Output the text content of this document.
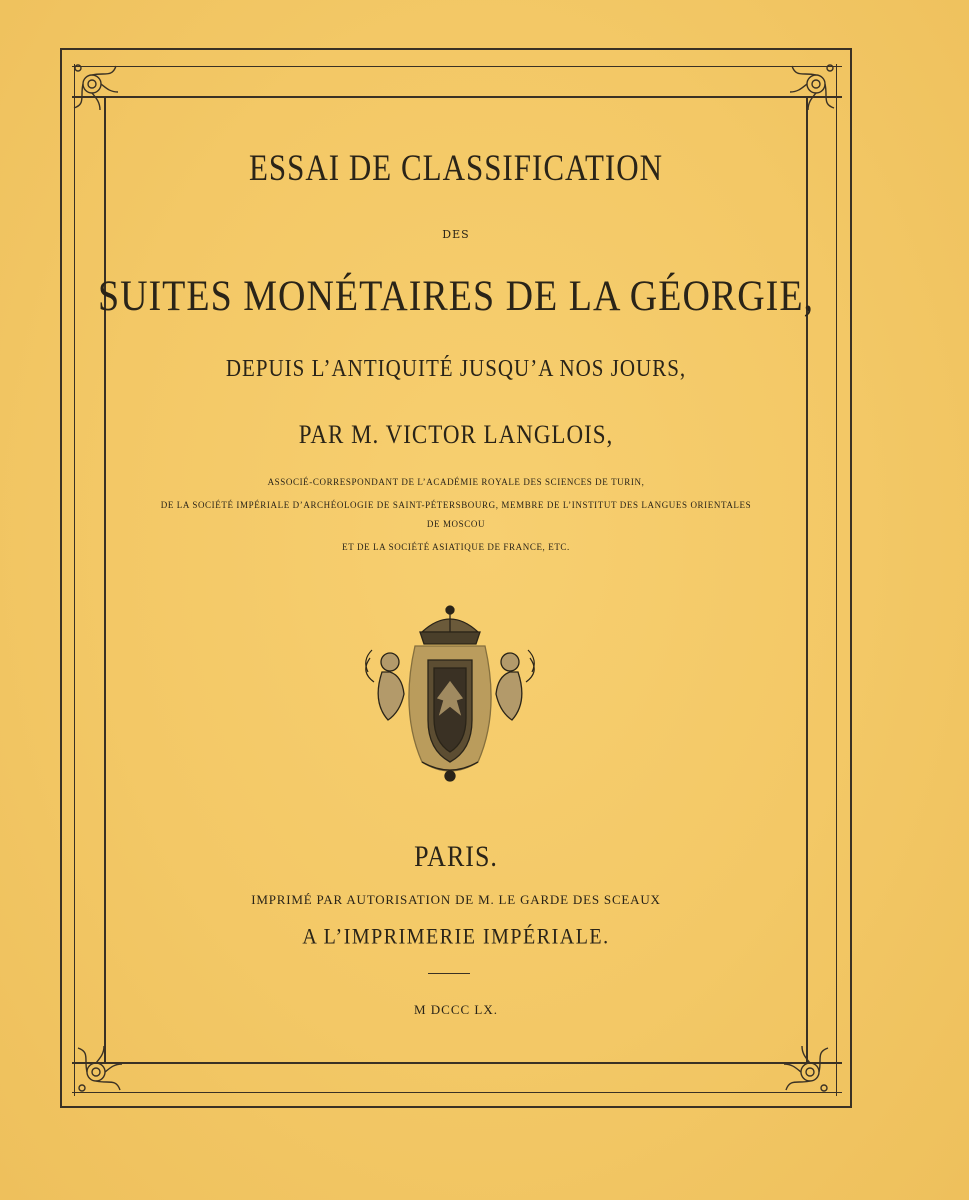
ESSAI DE CLASSIFICATION
DES
SUITES MONÉTAIRES DE LA GÉORGIE,
DEPUIS L’ANTIQUITÉ JUSQU’A NOS JOURS,
PAR M. VICTOR LANGLOIS,
ASSOCIÉ-CORRESPONDANT DE L’ACADÉMIE ROYALE DES SCIENCES DE TURIN,
DE LA SOCIÉTÉ IMPÉRIALE D’ARCHÉOLOGIE DE SAINT-PÉTERSBOURG, MEMBRE DE L’INSTITUT DES LANGUES ORIENTALES
DE MOSCOU
ET DE LA SOCIÉTÉ ASIATIQUE DE FRANCE, ETC.
PARIS.
IMPRIMÉ PAR AUTORISATION DE M. LE GARDE DES SCEAUX
A L’IMPRIMERIE IMPÉRIALE.
M DCCC LX.
